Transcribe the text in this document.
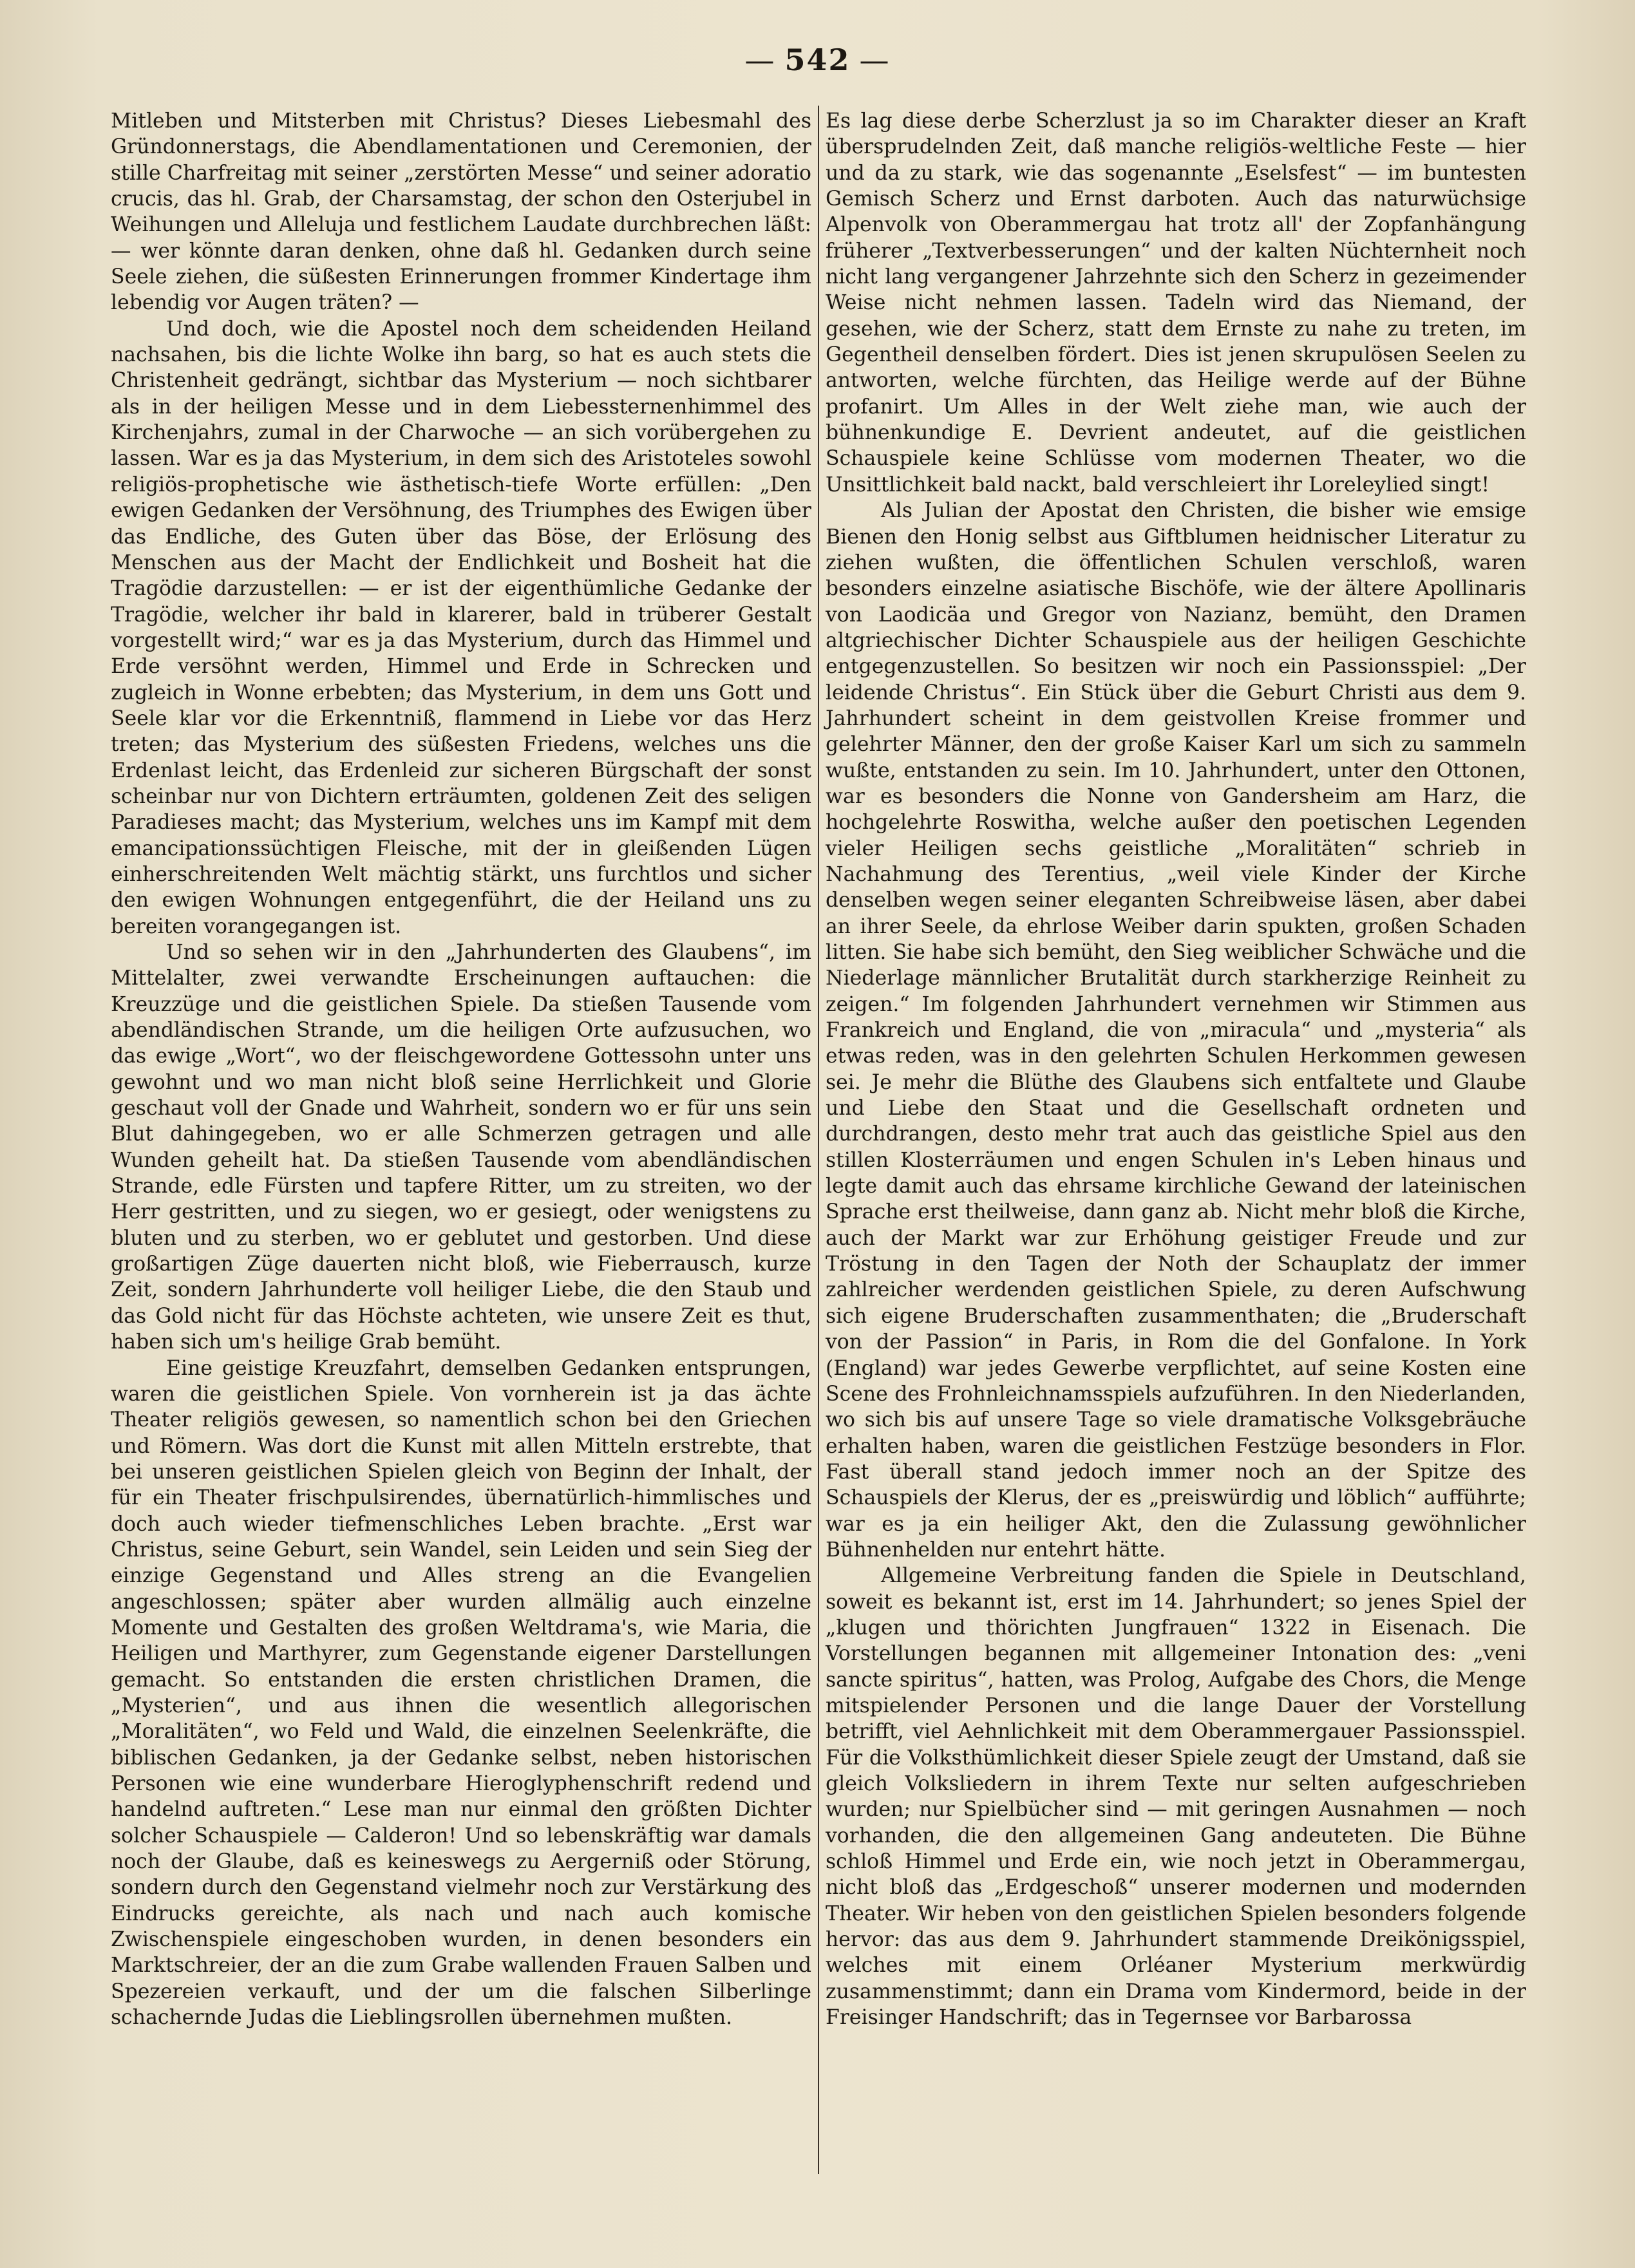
— 542 —

Mitleben und Mitsterben mit Christus? Dieses Liebesmahl des Gründonnerstags, die Abendlamentationen und Ceremonien, der stille Charfreitag mit seiner „zerstörten Messe“ und seiner adoratio crucis, das hl. Grab, der Charsamstag, der schon den Osterjubel in Weihungen und Alleluja und festlichem Laudate durchbrechen läßt: — wer könnte daran denken, ohne daß hl. Gedanken durch seine Seele ziehen, die süßesten Erinnerungen frommer Kindertage ihm lebendig vor Augen träten? —

Und doch, wie die Apostel noch dem scheidenden Heiland nachsahen, bis die lichte Wolke ihn barg, so hat es auch stets die Christenheit gedrängt, sichtbar das Mysterium — noch sichtbarer als in der heiligen Messe und in dem Liebessternenhimmel des Kirchenjahrs, zumal in der Charwoche — an sich vorübergehen zu lassen. War es ja das Mysterium, in dem sich des Aristoteles sowohl religiös-prophetische wie ästhetisch-tiefe Worte erfüllen: „Den ewigen Gedanken der Versöhnung, des Triumphes des Ewigen über das Endliche, des Guten über das Böse, der Erlösung des Menschen aus der Macht der Endlichkeit und Bosheit hat die Tragödie darzustellen: — er ist der eigenthümliche Gedanke der Tragödie, welcher ihr bald in klarerer, bald in trüberer Gestalt vorgestellt wird;“ war es ja das Mysterium, durch das Himmel und Erde versöhnt werden, Himmel und Erde in Schrecken und zugleich in Wonne erbebten; das Mysterium, in dem uns Gott und Seele klar vor die Erkenntniß, flammend in Liebe vor das Herz treten; das Mysterium des süßesten Friedens, welches uns die Erdenlast leicht, das Erdenleid zur sicheren Bürgschaft der sonst scheinbar nur von Dichtern erträumten, goldenen Zeit des seligen Paradieses macht; das Mysterium, welches uns im Kampf mit dem emancipationssüchtigen Fleische, mit der in gleißenden Lügen einherschreitenden Welt mächtig stärkt, uns furchtlos und sicher den ewigen Wohnungen entgegenführt, die der Heiland uns zu bereiten vorangegangen ist.

Und so sehen wir in den „Jahrhunderten des Glaubens“, im Mittelalter, zwei verwandte Erscheinungen auftauchen: die Kreuzzüge und die geistlichen Spiele. Da stießen Tausende vom abendländischen Strande, um die heiligen Orte aufzusuchen, wo das ewige „Wort“, wo der fleischgewordene Gottessohn unter uns gewohnt und wo man nicht bloß seine Herrlichkeit und Glorie geschaut voll der Gnade und Wahrheit, sondern wo er für uns sein Blut dahingegeben, wo er alle Schmerzen getragen und alle Wunden geheilt hat. Da stießen Tausende vom abendländischen Strande, edle Fürsten und tapfere Ritter, um zu streiten, wo der Herr gestritten, und zu siegen, wo er gesiegt, oder wenigstens zu bluten und zu sterben, wo er geblutet und gestorben. Und diese großartigen Züge dauerten nicht bloß, wie Fieberrausch, kurze Zeit, sondern Jahrhunderte voll heiliger Liebe, die den Staub und das Gold nicht für das Höchste achteten, wie unsere Zeit es thut, haben sich um's heilige Grab bemüht.

Eine geistige Kreuzfahrt, demselben Gedanken entsprungen, waren die geistlichen Spiele. Von vornherein ist ja das ächte Theater religiös gewesen, so namentlich schon bei den Griechen und Römern. Was dort die Kunst mit allen Mitteln erstrebte, that bei unseren geistlichen Spielen gleich von Beginn der Inhalt, der für ein Theater frischpulsirendes, übernatürlich-himmlisches und doch auch wieder tiefmenschliches Leben brachte. „Erst war Christus, seine Geburt, sein Wandel, sein Leiden und sein Sieg der einzige Gegenstand und Alles streng an die Evangelien angeschlossen; später aber wurden allmälig auch einzelne Momente und Gestalten des großen Weltdrama's, wie Maria, die Heiligen und Marthyrer, zum Gegenstande eigener Darstellungen gemacht. So entstanden die ersten christlichen Dramen, die „Mysterien“, und aus ihnen die wesentlich allegorischen „Moralitäten“, wo Feld und Wald, die einzelnen Seelenkräfte, die biblischen Gedanken, ja der Gedanke selbst, neben historischen Personen wie eine wunderbare Hieroglyphenschrift redend und handelnd auftreten.“ Lese man nur einmal den größten Dichter solcher Schauspiele — Calderon! Und so lebenskräftig war damals noch der Glaube, daß es keineswegs zu Aergerniß oder Störung, sondern durch den Gegenstand vielmehr noch zur Verstärkung des Eindrucks gereichte, als nach und nach auch komische Zwischenspiele eingeschoben wurden, in denen besonders ein Marktschreier, der an die zum Grabe wallenden Frauen Salben und Spezereien verkauft, und der um die falschen Silberlinge schachernde Judas die Lieblingsrollen übernehmen mußten.

Es lag diese derbe Scherzlust ja so im Charakter dieser an Kraft übersprudelnden Zeit, daß manche religiös-weltliche Feste — hier und da zu stark, wie das sogenannte „Eselsfest“ — im buntesten Gemisch Scherz und Ernst darboten. Auch das naturwüchsige Alpenvolk von Oberammergau hat trotz all' der Zopfanhängung früherer „Textverbesserungen“ und der kalten Nüchternheit noch nicht lang vergangener Jahrzehnte sich den Scherz in gezeimender Weise nicht nehmen lassen. Tadeln wird das Niemand, der gesehen, wie der Scherz, statt dem Ernste zu nahe zu treten, im Gegentheil denselben fördert. Dies ist jenen skrupulösen Seelen zu antworten, welche fürchten, das Heilige werde auf der Bühne profanirt. Um Alles in der Welt ziehe man, wie auch der bühnenkundige E. Devrient andeutet, auf die geistlichen Schauspiele keine Schlüsse vom modernen Theater, wo die Unsittlichkeit bald nackt, bald verschleiert ihr Loreleylied singt!

Als Julian der Apostat den Christen, die bisher wie emsige Bienen den Honig selbst aus Giftblumen heidnischer Literatur zu ziehen wußten, die öffentlichen Schulen verschloß, waren besonders einzelne asiatische Bischöfe, wie der ältere Apollinaris von Laodicäa und Gregor von Nazianz, bemüht, den Dramen altgriechischer Dichter Schauspiele aus der heiligen Geschichte entgegenzustellen. So besitzen wir noch ein Passionsspiel: „Der leidende Christus“. Ein Stück über die Geburt Christi aus dem 9. Jahrhundert scheint in dem geistvollen Kreise frommer und gelehrter Männer, den der große Kaiser Karl um sich zu sammeln wußte, entstanden zu sein. Im 10. Jahrhundert, unter den Ottonen, war es besonders die Nonne von Gandersheim am Harz, die hochgelehrte Roswitha, welche außer den poetischen Legenden vieler Heiligen sechs geistliche „Moralitäten“ schrieb in Nachahmung des Terentius, „weil viele Kinder der Kirche denselben wegen seiner eleganten Schreibweise läsen, aber dabei an ihrer Seele, da ehrlose Weiber darin spukten, großen Schaden litten. Sie habe sich bemüht, den Sieg weiblicher Schwäche und die Niederlage männlicher Brutalität durch starkherzige Reinheit zu zeigen.“ Im folgenden Jahrhundert vernehmen wir Stimmen aus Frankreich und England, die von „miracula“ und „mysteria“ als etwas reden, was in den gelehrten Schulen Herkommen gewesen sei. Je mehr die Blüthe des Glaubens sich entfaltete und Glaube und Liebe den Staat und die Gesellschaft ordneten und durchdrangen, desto mehr trat auch das geistliche Spiel aus den stillen Klosterräumen und engen Schulen in's Leben hinaus und legte damit auch das ehrsame kirchliche Gewand der lateinischen Sprache erst theilweise, dann ganz ab. Nicht mehr bloß die Kirche, auch der Markt war zur Erhöhung geistiger Freude und zur Tröstung in den Tagen der Noth der Schauplatz der immer zahlreicher werdenden geistlichen Spiele, zu deren Aufschwung sich eigene Bruderschaften zusammenthaten; die „Bruderschaft von der Passion“ in Paris, in Rom die del Gonfalone. In York (England) war jedes Gewerbe verpflichtet, auf seine Kosten eine Scene des Frohnleichnamsspiels aufzuführen. In den Niederlanden, wo sich bis auf unsere Tage so viele dramatische Volksgebräuche erhalten haben, waren die geistlichen Festzüge besonders in Flor. Fast überall stand jedoch immer noch an der Spitze des Schauspiels der Klerus, der es „preiswürdig und löblich“ aufführte; war es ja ein heiliger Akt, den die Zulassung gewöhnlicher Bühnenhelden nur entehrt hätte.

Allgemeine Verbreitung fanden die Spiele in Deutschland, soweit es bekannt ist, erst im 14. Jahrhundert; so jenes Spiel der „klugen und thörichten Jungfrauen“ 1322 in Eisenach. Die Vorstellungen begannen mit allgemeiner Intonation des: „veni sancte spiritus“, hatten, was Prolog, Aufgabe des Chors, die Menge mitspielender Personen und die lange Dauer der Vorstellung betrifft, viel Aehnlichkeit mit dem Oberammergauer Passionsspiel. Für die Volksthümlichkeit dieser Spiele zeugt der Umstand, daß sie gleich Volksliedern in ihrem Texte nur selten aufgeschrieben wurden; nur Spielbücher sind — mit geringen Ausnahmen — noch vorhanden, die den allgemeinen Gang andeuteten. Die Bühne schloß Himmel und Erde ein, wie noch jetzt in Oberammergau, nicht bloß das „Erdgeschoß“ unserer modernen und modernden Theater. Wir heben von den geistlichen Spielen besonders folgende hervor: das aus dem 9. Jahrhundert stammende Dreikönigsspiel, welches mit einem Orléaner Mysterium merkwürdig zusammenstimmt; dann ein Drama vom Kindermord, beide in der Freisinger Handschrift; das in Tegernsee vor Barbarossa
